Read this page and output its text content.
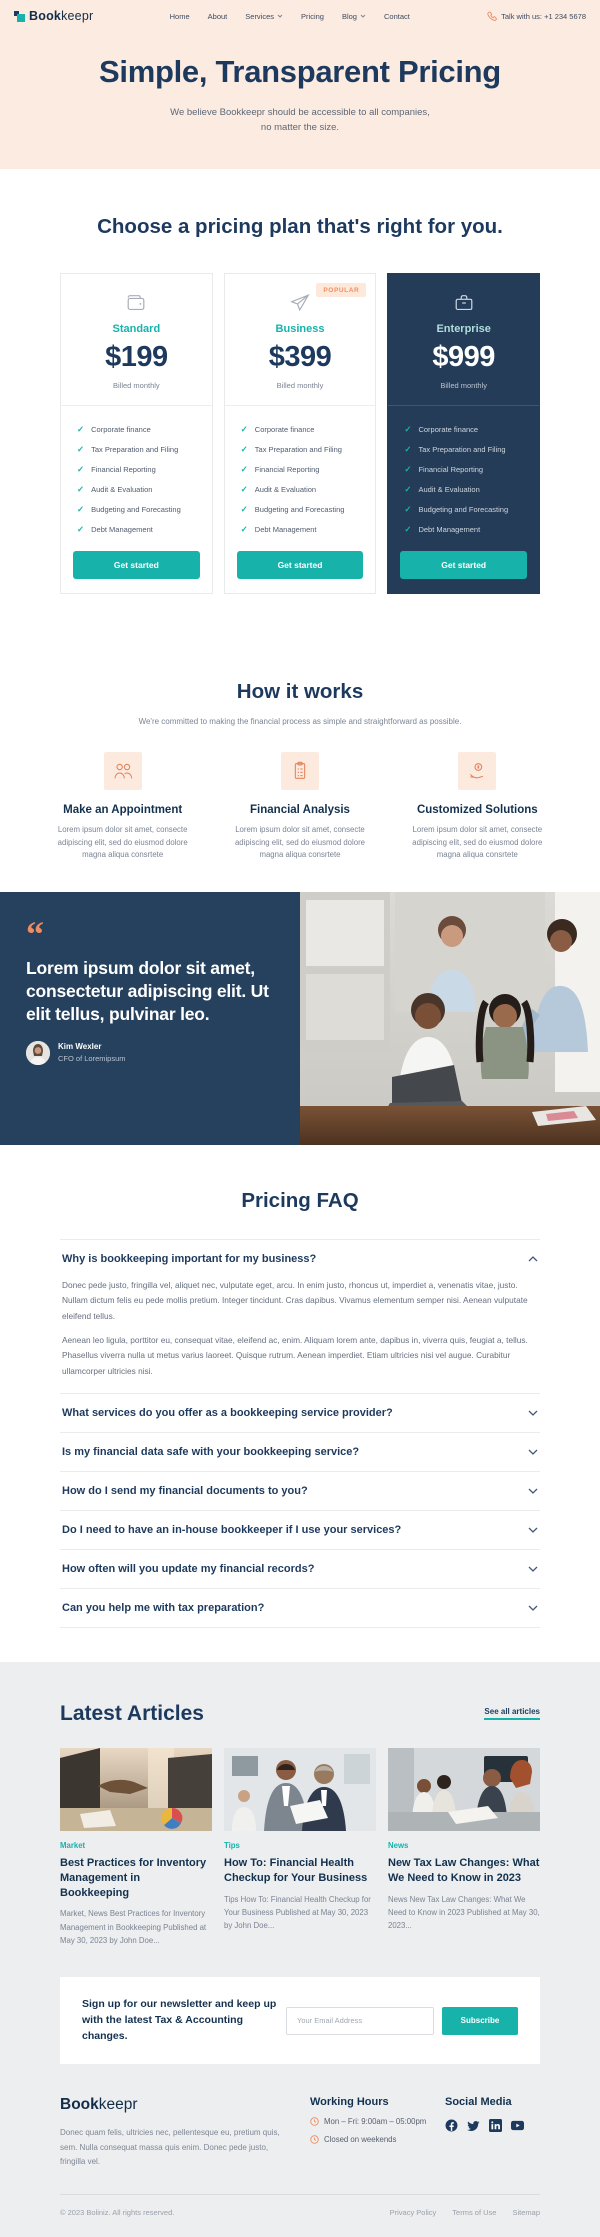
Bookkeepr	Home About Services	Pricing Blog	Contact	Talk with us: +1 234 5678
Simple, Transparent Pricing

We believe Bookkeepr should be accessible to all companies, no matter the size.

Choose a pricing plan that's right for you.
Standard
$199
Billed monthly
✓ Corporate finance
✓ Tax Preparation and Filing
✓ Financial Reporting
✓ Audit & Evaluation
✓ Budgeting and Forecasting
✓ Debt Management
Get started
POPULAR
Business
$399
Billed monthly
✓ Corporate finance
✓ Tax Preparation and Filing
✓ Financial Reporting
✓ Audit & Evaluation
✓ Budgeting and Forecasting
✓ Debt Management
Get started
Enterprise
$999
Billed monthly
✓ Corporate finance
✓ Tax Preparation and Filing
✓ Financial Reporting
✓ Audit & Evaluation
✓ Budgeting and Forecasting
✓ Debt Management
Get started
How it works

We're committed to making the financial process as simple and straightforward as possible.

Make an Appointment

Lorem ipsum dolor sit amet, consecte adipiscing elit, sed do eiusmod dolore magna aliqua consrtete

Financial Analysis

Lorem ipsum dolor sit amet, consecte adipiscing elit, sed do eiusmod dolore magna aliqua consrtete

Customized Solutions

Lorem ipsum dolor sit amet, consecte adipiscing elit, sed do eiusmod dolore magna aliqua consrtete

“
Lorem ipsum dolor sit amet, consectetur adipiscing elit. Ut elit tellus, pulvinar leo.
Kim Wexler
CFO of Loremipsum
Pricing FAQ
Why is bookkeeping important for my business?

Donec pede justo, fringilla vel, aliquet nec, vulputate eget, arcu. In enim justo, rhoncus ut, imperdiet a, venenatis vitae, justo. Nullam dictum felis eu pede mollis pretium. Integer tincidunt. Cras dapibus. Vivamus elementum semper nisi. Aenean vulputate eleifend tellus.

Aenean leo ligula, porttitor eu, consequat vitae, eleifend ac, enim. Aliquam lorem ante, dapibus in, viverra quis, feugiat a, tellus. Phasellus viverra nulla ut metus varius laoreet. Quisque rutrum. Aenean imperdiet. Etiam ultricies nisi vel augue. Curabitur ullamcorper ultricies nisi.

What services do you offer as a bookkeeping service provider?
Is my financial data safe with your bookkeeping service?
How do I send my financial documents to you?
Do I need to have an in-house bookkeeper if I use your services?
How often will you update my financial records?
Can you help me with tax preparation?
Latest Articles	See all articles
Market
Best Practices for Inventory Management in Bookkeeping
Market, News Best Practices for Inventory Management in Bookkeeping Published at May 30, 2023 by John Doe...
Tips
How To: Financial Health Checkup for Your Business
Tips How To: Financial Health Checkup for Your Business Published at May 30, 2023 by John Doe...
News
New Tax Law Changes: What We Need to Know in 2023
News New Tax Law Changes: What We Need to Know in 2023 Published at May 30, 2023...
Sign up for our newsletter and keep up with the latest Tax & Accounting changes.
Your Email Address
Subscribe
Bookkeepr

Donec quam felis, ultricies nec, pellentesque eu, pretium quis, sem. Nulla consequat massa quis enim. Donec pede justo, fringilla vel.

Working Hours
Mon – Fri: 9:00am – 05:00pm
Closed on weekends
Social Media
© 2023 Boliniz. All rights reserved.	Privacy Policy Terms of Use Sitemap
